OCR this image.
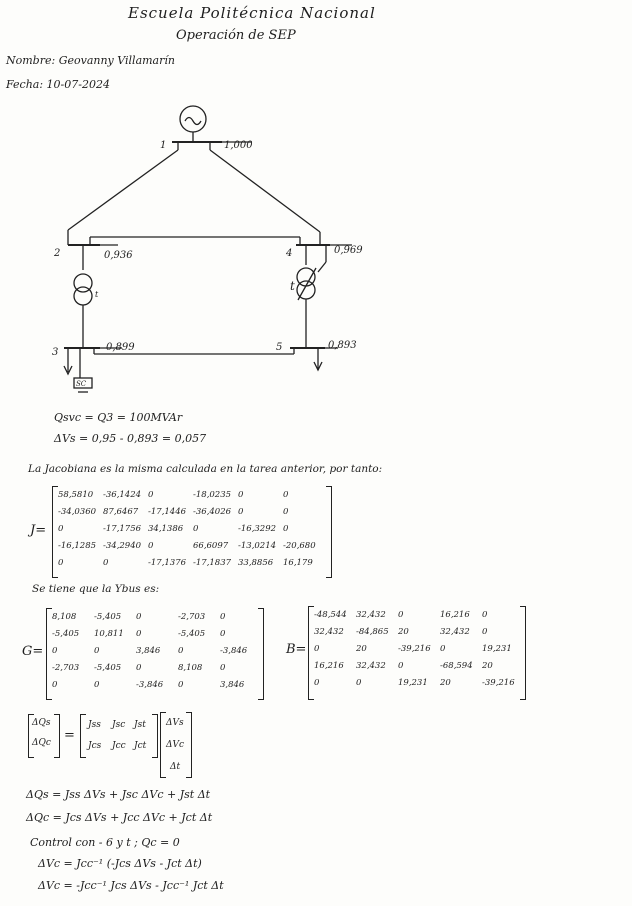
Escuela Politécnica Nacional
Operación de SEP
Nombre: Geovanny Villamarín
Fecha: 10-07-2024
1	1,000
2	0,936	4	0,969
3	0,899	5	0,893
t
t
SC
Qsvc = Q3 = 100MVAr
ΔVs = 0,95 - 0,893 = 0,057
La Jacobiana es la misma calculada en la tarea anterior, por tanto:
J=
58,5810 -36,1424 0	-18,0235 0	0
-34,0360 87,6467 -17,1446 -36,4026 0	0
0	-17,1756 34,1386 0	-16,3292 0
-16,1285 -34,2940 0	66,6097 -13,0214 -20,680
0	0	-17,1376 -17,1837 33,8856 16,179
Se tiene que la Ybus es:
G=
8,108 -5,405 0	-2,703 0
-5,405 10,811 0	-5,405 0
0	0	3,846 0	-3,846
-2,703 -5,405 0	8,108 0
0	0	-3,846 0	3,846
B=
-48,544 32,432 0	16,216 0
32,432 -84,865 20	32,432 0
0	20	-39,216 0	19,231
16,216 32,432 0	-68,594 20
0	0	19,231 20	-39,216
ΔQs
ΔQc =
Jss Jsc Jst
Jcs Jcc Jct
ΔVs
ΔVc
Δt
ΔQs = Jss ΔVs + Jsc ΔVc + Jst Δt
ΔQc = Jcs ΔVs + Jcc ΔVc + Jct Δt
Control con - 6 y t ; Qc = 0
ΔVc = Jcc⁻¹ (-Jcs ΔVs - Jct Δt)
ΔVc = -Jcc⁻¹ Jcs ΔVs - Jcc⁻¹ Jct Δt
